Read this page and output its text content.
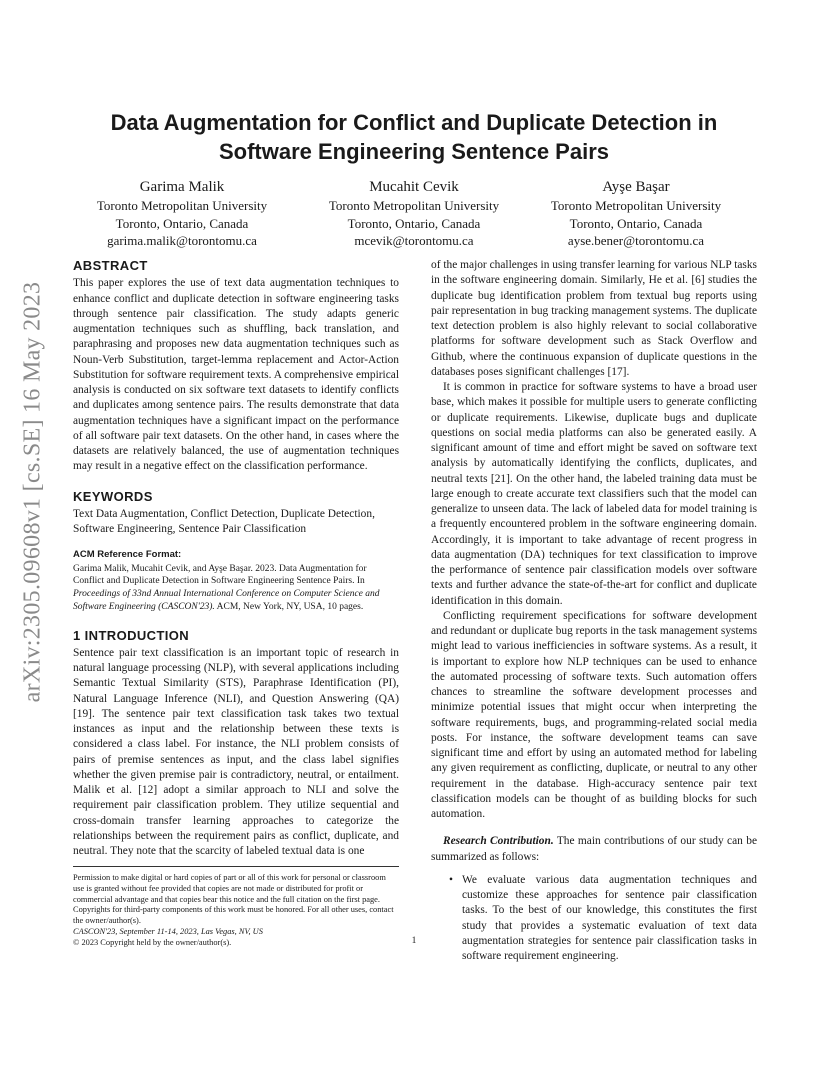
arXiv:2305.09608v1 [cs.SE] 16 May 2023
Data Augmentation for Conflict and Duplicate Detection in
Software Engineering Sentence Pairs
Garima Malik
Toronto Metropolitan University
Toronto, Ontario, Canada
garima.malik@torontomu.ca
Mucahit Cevik
Toronto Metropolitan University
Toronto, Ontario, Canada
mcevik@torontomu.ca
Ayşe Başar
Toronto Metropolitan University
Toronto, Ontario, Canada
ayse.bener@torontomu.ca
ABSTRACT

This paper explores the use of text data augmentation techniques to enhance conflict and duplicate detection in software engineering tasks through sentence pair classification. The study adapts generic augmentation techniques such as shuffling, back translation, and paraphrasing and proposes new data augmentation techniques such as Noun-Verb Substitution, target-lemma replacement and Actor-Action Substitution for software requirement texts. A comprehensive empirical analysis is conducted on six software text datasets to identify conflicts and duplicates among sentence pairs. The results demonstrate that data augmentation techniques have a significant impact on the performance of all software pair text datasets. On the other hand, in cases where the datasets are relatively balanced, the use of augmentation techniques may result in a negative effect on the classification performance.

KEYWORDS

Text Data Augmentation, Conflict Detection, Duplicate Detection, Software Engineering, Sentence Pair Classification

ACM Reference Format:

Garima Malik, Mucahit Cevik, and Ayşe Başar. 2023. Data Augmentation for Conflict and Duplicate Detection in Software Engineering Sentence Pairs. In Proceedings of 33nd Annual International Conference on Computer Science and Software Engineering (CASCON'23). ACM, New York, NY, USA, 10 pages.

1 INTRODUCTION

Sentence pair text classification is an important topic of research in natural language processing (NLP), with several applications including Semantic Textual Similarity (STS), Paraphrase Identification (PI), Natural Language Inference (NLI), and Question Answering (QA) [19]. The sentence pair text classification task takes two textual instances as input and the relationship between these texts is considered a class label. For instance, the NLI problem consists of pairs of premise sentences as input, and the class label signifies whether the given premise pair is contradictory, neutral, or entailment. Malik et al. [12] adopt a similar approach to NLI and solve the requirement pair classification problem. They utilize sequential and cross-domain transfer learning approaches to categorize the relationships between the requirement pairs as conflict, duplicate, and neutral. They note that the scarcity of labeled textual data is one

of the major challenges in using transfer learning for various NLP tasks in the software engineering domain. Similarly, He et al. [6] studies the duplicate bug identification problem from textual bug reports using pair representation in bug tracking management systems. The duplicate text detection problem is also highly relevant to social collaborative platforms for software development such as Stack Overflow and Github, where the continuous expansion of duplicate questions in the databases poses significant challenges [17].

It is common in practice for software systems to have a broad user base, which makes it possible for multiple users to generate conflicting or duplicate requirements. Likewise, duplicate bugs and duplicate questions on social media platforms can also be generated easily. A significant amount of time and effort might be saved on software text analysis by automatically identifying the conflicts, duplicates, and neutral texts [21]. On the other hand, the labeled training data must be large enough to create accurate text classifiers such that the model can generalize to unseen data. The lack of labeled data for model training is a frequently encountered problem in the software engineering domain. Accordingly, it is important to take advantage of recent progress in data augmentation (DA) techniques for text classification to improve the performance of sentence pair classification models over software texts and further advance the state-of-the-art for conflict and duplicate identification in this domain.

Conflicting requirement specifications for software development and redundant or duplicate bug reports in the task management systems might lead to various inefficiencies in software systems. As a result, it is important to explore how NLP techniques can be used to enhance the automated processing of software texts. Such automation offers chances to streamline the software development processes and minimize potential issues that might occur when interpreting the software requirements, bugs, and programming-related social media posts. For instance, the software development teams can save significant time and effort by using an automated method for labeling any given requirement as conflicting, duplicate, or neutral to any other requirement in the database. High-accuracy sentence pair text classification models can be thought of as building blocks for such automation.

Research Contribution. The main contributions of our study can be summarized as follows:

• We evaluate various data augmentation techniques and customize these approaches for sentence pair classification tasks. To the best of our knowledge, this constitutes the first study that provides a systematic evaluation of text data augmentation strategies for sentence pair classification tasks in software requirement engineering.

Permission to make digital or hard copies of part or all of this work for personal or classroom use is granted without fee provided that copies are not made or distributed for profit or commercial advantage and that copies bear this notice and the full citation on the first page. Copyrights for third-party components of this work must be honored. For all other uses, contact the owner/author(s).

CASCON'23, September 11-14, 2023, Las Vegas, NV, US

© 2023 Copyright held by the owner/author(s).	1
